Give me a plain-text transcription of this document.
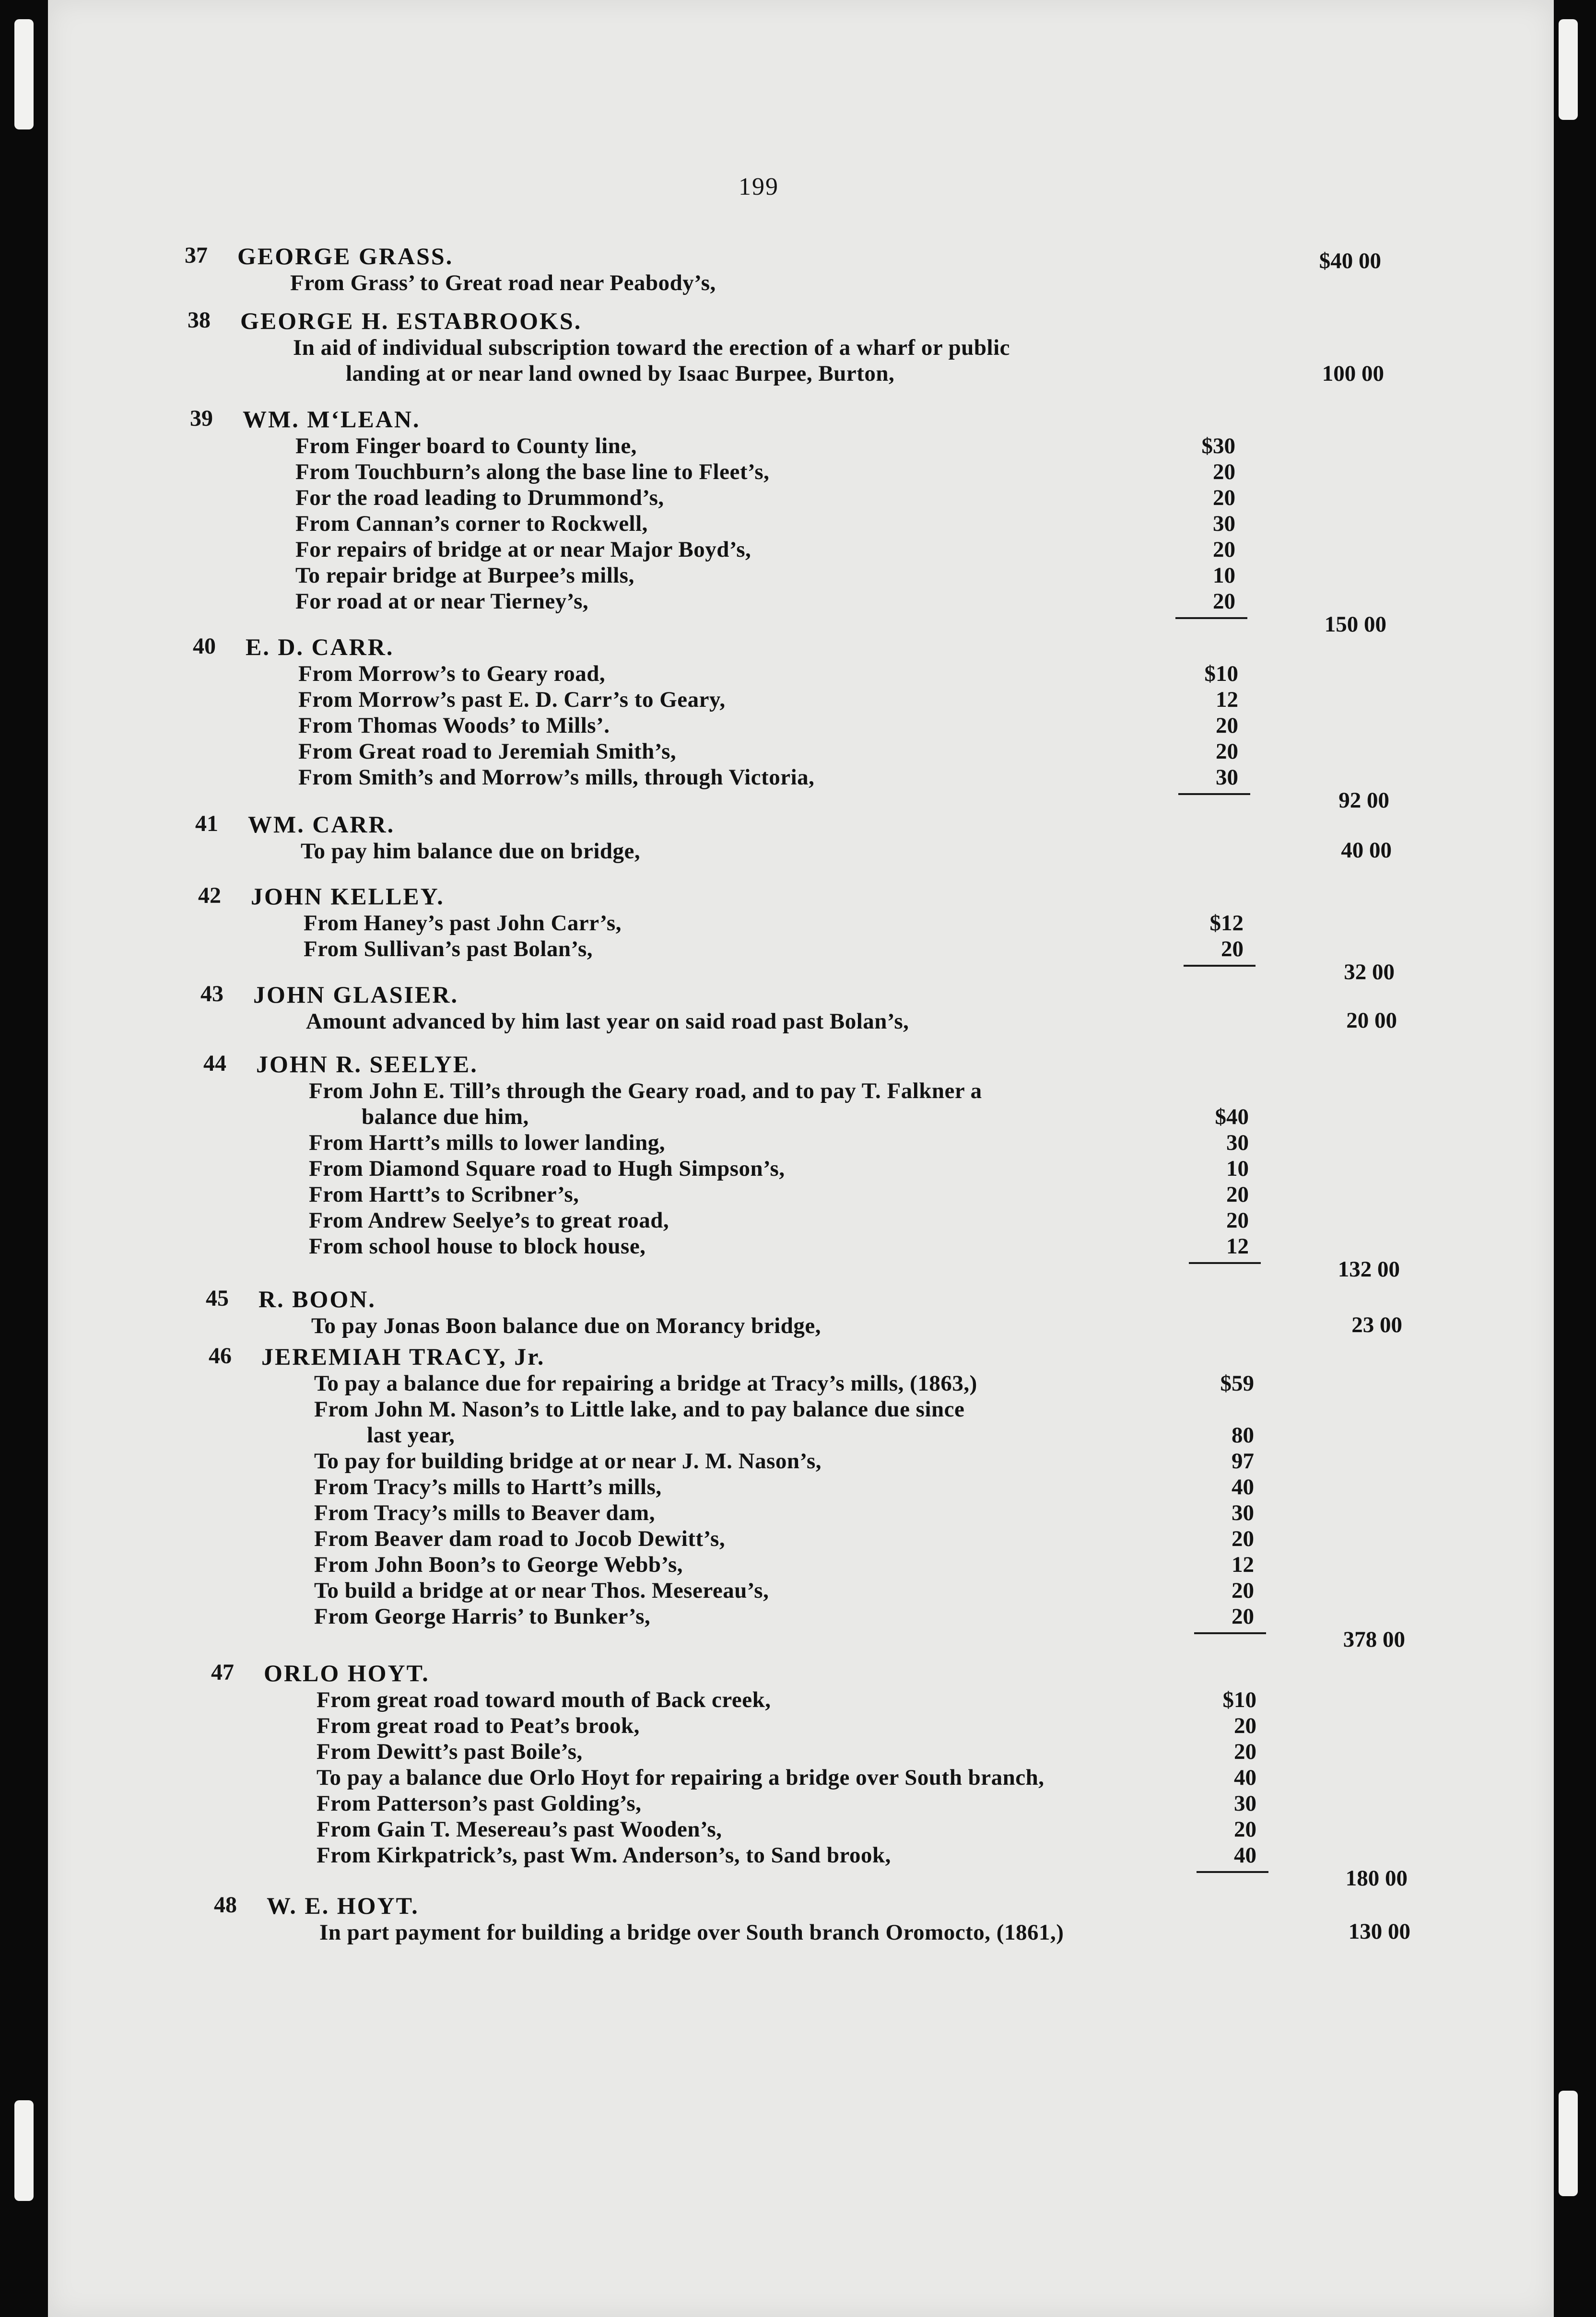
199
37 GEORGE GRASS.
From Grass’ to Great road near Peabody’s,
$40 00
38 GEORGE H. ESTABROOKS.
In aid of individual subscription toward the erection of a wharf or public
landing at or near land owned by Isaac Burpee, Burton,	100 00
39 WM. M‘LEAN.
From Finger board to County line,	$30
From Touchburn’s along the base line to Fleet’s,	20
For the road leading to Drummond’s,	20
From Cannan’s corner to Rockwell,	30
For repairs of bridge at or near Major Boyd’s,	20
To repair bridge at Burpee’s mills,	10
For road at or near Tierney’s,	20
150 00
40 E. D. CARR.
From Morrow’s to Geary road,	$10
From Morrow’s past E. D. Carr’s to Geary,	12
From Thomas Woods’ to Mills’.	20
From Great road to Jeremiah Smith’s,	20
From Smith’s and Morrow’s mills, through Victoria,	30
92 00
41 WM. CARR.
To pay him balance due on bridge,	40 00
42 JOHN KELLEY.
From Haney’s past John Carr’s,	$12
From Sullivan’s past Bolan’s,	20
32 00
43 JOHN GLASIER.
Amount advanced by him last year on said road past Bolan’s,	20 00
44 JOHN R. SEELYE.
From John E. Till’s through the Geary road, and to pay T. Falkner a
balance due him,	$40
From Hartt’s mills to lower landing,	30
From Diamond Square road to Hugh Simpson’s,	10
From Hartt’s to Scribner’s,	20
From Andrew Seelye’s to great road,	20
From school house to block house,	12
132 00
45 R. BOON.
To pay Jonas Boon balance due on Morancy bridge,	23 00
46 JEREMIAH TRACY, Jr.
To pay a balance due for repairing a bridge at Tracy’s mills, (1863,)	$59
From John M. Nason’s to Little lake, and to pay balance due since
last year,	80
To pay for building bridge at or near J. M. Nason’s,	97
From Tracy’s mills to Hartt’s mills,	40
From Tracy’s mills to Beaver dam,	30
From Beaver dam road to Jocob Dewitt’s,	20
From John Boon’s to George Webb’s,	12
To build a bridge at or near Thos. Mesereau’s,	20
From George Harris’ to Bunker’s,	20
378 00
47 ORLO HOYT.
From great road toward mouth of Back creek,	$10
From great road to Peat’s brook,	20
From Dewitt’s past Boile’s,	20
To pay a balance due Orlo Hoyt for repairing a bridge over South branch,	40
From Patterson’s past Golding’s,	30
From Gain T. Mesereau’s past Wooden’s,	20
From Kirkpatrick’s, past Wm. Anderson’s, to Sand brook,	40
180 00
48 W. E. HOYT.
In part payment for building a bridge over South branch Oromocto, (1861,)	130 00
